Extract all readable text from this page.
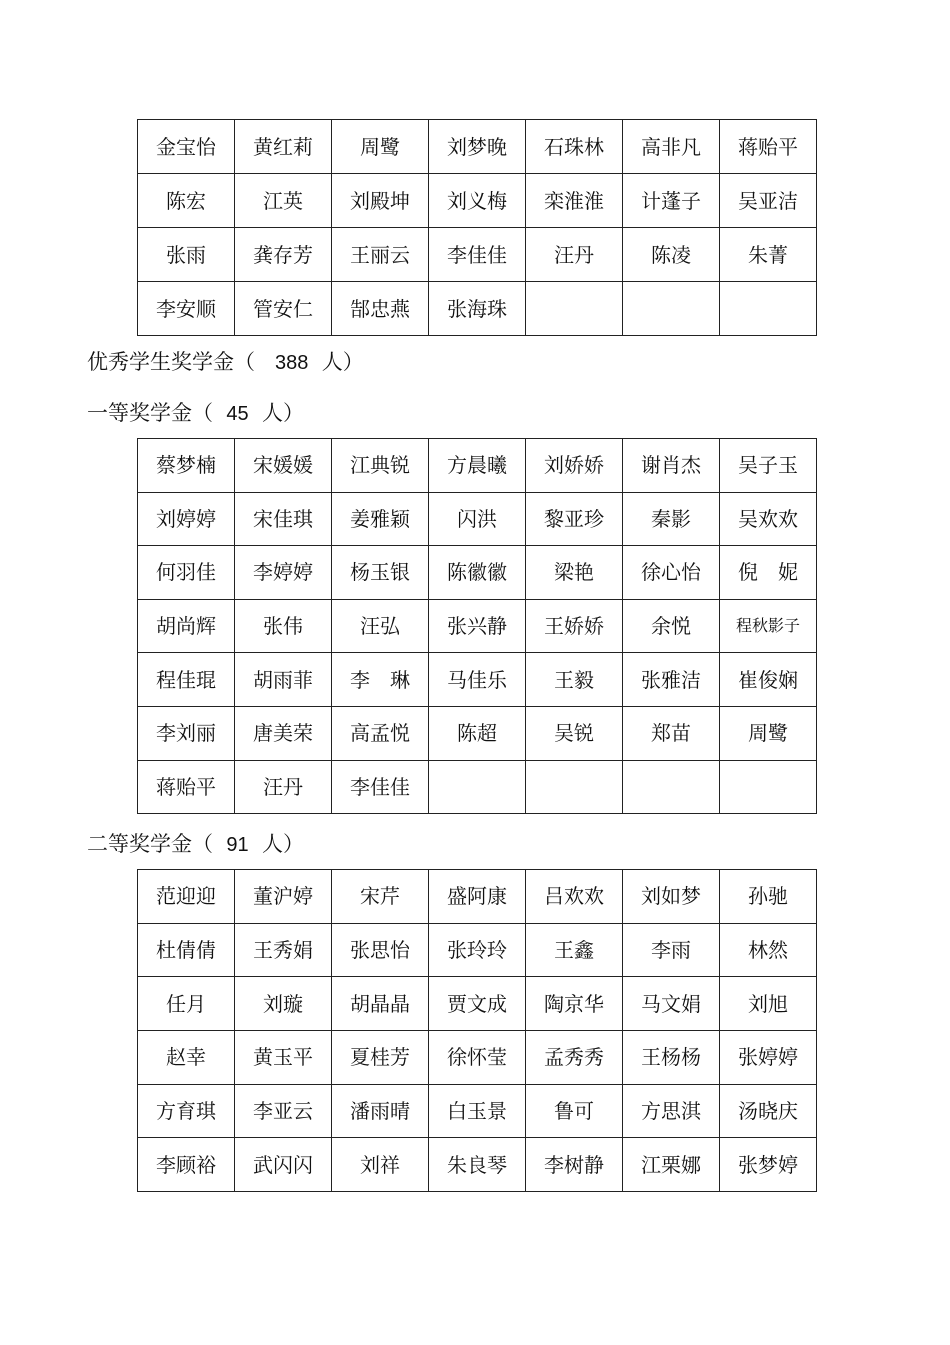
金宝怡	黄红莉	周鹭	刘梦晚	石珠林	高非凡	蒋贻平
陈宏	江英	刘殿坤	刘义梅	栾淮淮	计蓬子	吴亚洁
张雨	龚存芳	王丽云	李佳佳	汪丹	陈凌	朱菁
李安顺	管安仁	郜忠燕	张海珠			
优秀学生奖学金（ 388 人）
一等奖学金（ 45 人）
蔡梦楠	宋媛媛	江典锐	方晨曦	刘娇娇	谢肖杰	吴子玉
刘婷婷	宋佳琪	姜雅颖	闪洪	黎亚珍	秦影	吴欢欢
何羽佳	李婷婷	杨玉银	陈徽徽	梁艳	徐心怡	倪　妮
胡尚辉	张伟	汪弘	张兴静	王娇娇	余悦	程秋影子
程佳琨	胡雨菲	李　琳	马佳乐	王毅	张雅洁	崔俊娴
李刘丽	唐美荣	高孟悦	陈超	吴锐	郑苗	周鹭
蒋贻平	汪丹	李佳佳				
二等奖学金（ 91 人）
范迎迎	董沪婷	宋芹	盛阿康	吕欢欢	刘如梦	孙驰
杜倩倩	王秀娟	张思怡	张玲玲	王鑫	李雨	林然
任月	刘璇	胡晶晶	贾文成	陶京华	马文娟	刘旭
赵幸	黄玉平	夏桂芳	徐怀莹	孟秀秀	王杨杨	张婷婷
方育琪	李亚云	潘雨晴	白玉景	鲁可	方思淇	汤晓庆
李顾裕	武闪闪	刘祥	朱良琴	李树静	江栗娜	张梦婷
